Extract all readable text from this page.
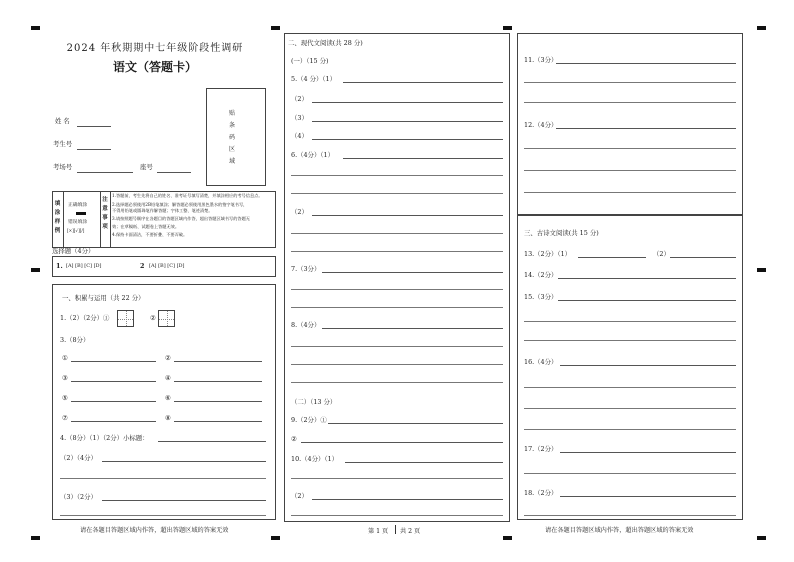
2024 年秋期期中七年级阶段性调研
语文（答题卡）
贴条码区域
姓 名
考生号
考场号	座号
填涂样例
正确填涂
错误填涂
[×][√][/]
注意事项
1.答题前，考生先将自己的姓名、准考证号填写清楚，并填涂相应的考号信息点。
2.选择题必须使用2B铅笔填涂；解答题必须使用黑色墨水的签字笔书写，
不得用铅笔或圆珠笔作解答题；字体工整、笔迹清楚。
3.请按照题号顺序在各题目的答题区域内作答，超出答题区域书写的答题无
效；在草稿纸、试题卷上答题无效。
4.保持卡面清洁，不要折叠、不要弄破。
选择题（4分）
1. [A] [B] [C] [D]	2 [A] [B] [C] [D]
一、积累与运用（共 22 分）
1.（2）（2分）①	②
3.（8分）
①	②
③	④
⑤	⑥
⑦	⑧
4.（8分）（1）（2分）小标题：
（2）（4分）
（3）（2分）
请在各题目答题区域内作答，超出答题区域的答案无效
二、现代文阅读(共 28 分)
(一）（15 分)
5.（4 分）（1）
（2）
（3）
（4）
6.（4分）（1）
（2）
7.（3分）
8.（4分）
（二）（13 分）
9.（2分）①
②
10.（4分）（1）
（2）
第 1 页 共 2 页
11.（3分）
12.（4分）
三、古诗文阅读(共 15 分)
13.（2分）（1）	（2）
14.（2分）
15.（3分）
16.（4分）
17.（2分）
18.（2分）
请在各题目答题区域内作答，超出答题区域的答案无效
